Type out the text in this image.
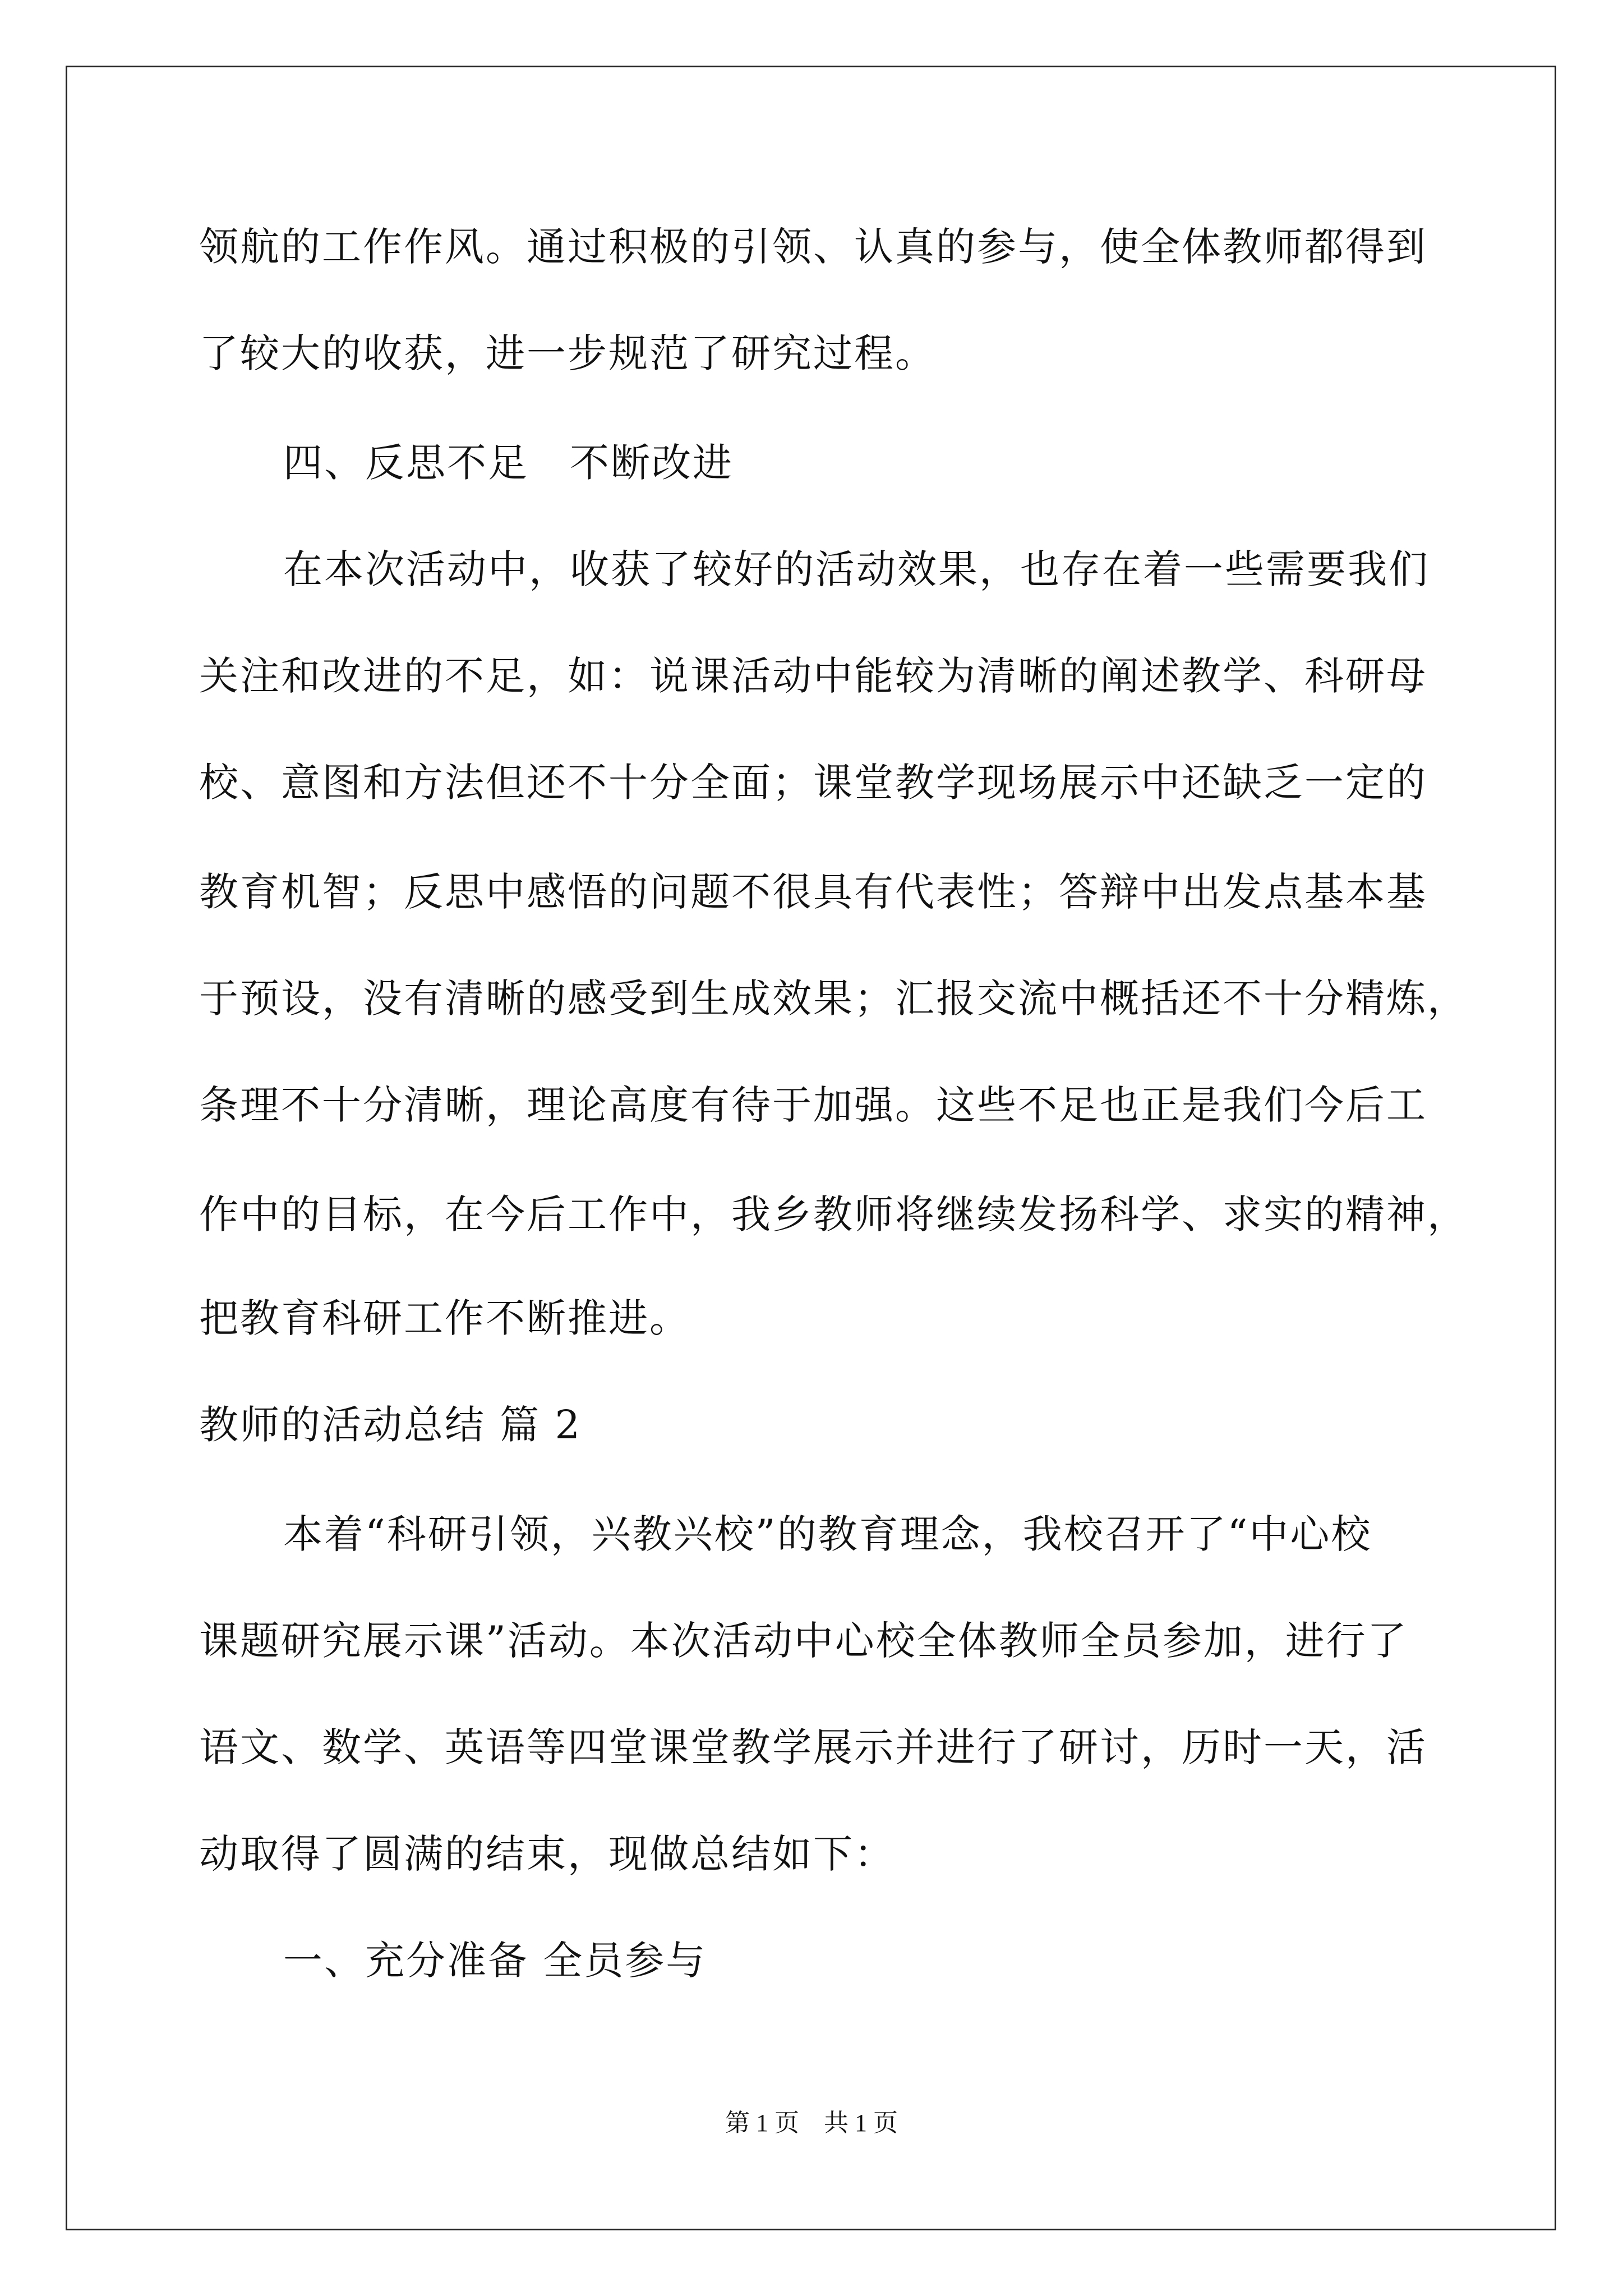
领航的工作作风。通过积极的引领、认真的参与，使全体教师都得到
了较大的收获，进一步规范了研究过程。
四、反思不足　不断改进
在本次活动中，收获了较好的活动效果，也存在着一些需要我们
关注和改进的不足，如：说课活动中能较为清晰的阐述教学、科研母
校、意图和方法但还不十分全面；课堂教学现场展示中还缺乏一定的
教育机智；反思中感悟的问题不很具有代表性；答辩中出发点基本基
于预设，没有清晰的感受到生成效果；汇报交流中概括还不十分精炼，
条理不十分清晰，理论高度有待于加强。这些不足也正是我们今后工
作中的目标，在今后工作中，我乡教师将继续发扬科学、求实的精神，
把教育科研工作不断推进。
教师的活动总结 篇 2
本着“科研引领，兴教兴校”的教育理念，我校召开了“中心校
课题研究展示课”活动。本次活动中心校全体教师全员参加，进行了
语文、数学、英语等四堂课堂教学展示并进行了研讨，历时一天，活
动取得了圆满的结束，现做总结如下：
一、充分准备 全员参与
第 1 页　共 1 页
